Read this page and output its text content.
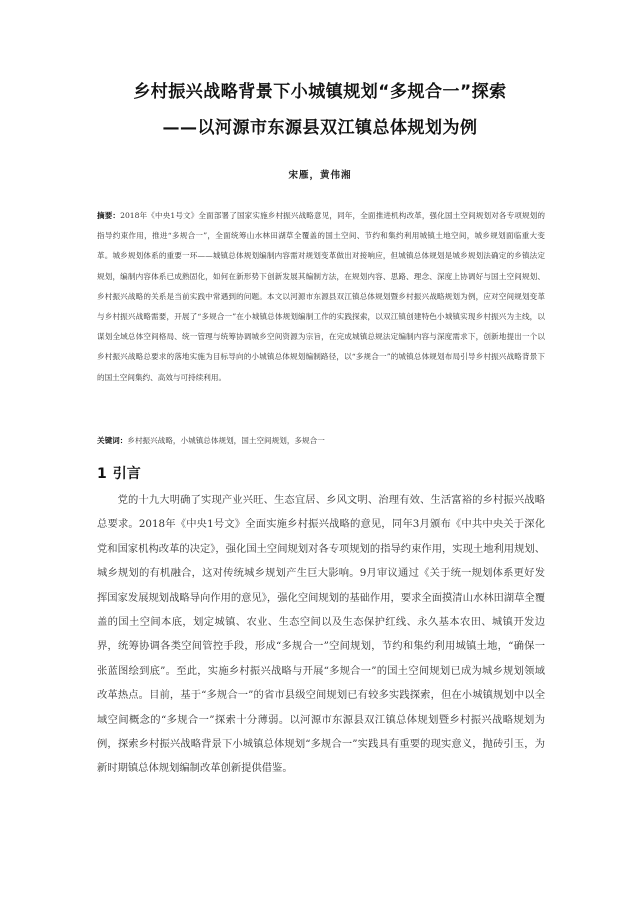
乡村振兴战略背景下小城镇规划“多规合一”探索
——以河源市东源县双江镇总体规划为例
宋雁，黄伟湘
摘要：2018年《中央1号文》全面部署了国家实施乡村振兴战略意见，同年，全面推进机构改革，强化国土空间规划对各专项规划的指导约束作用，推进“多规合一”，全面统筹山水林田湖草全覆盖的国土空间、节约和集约利用城镇土地空间，城乡规划面临重大变革。城乡规划体系的重要一环——城镇总体规划编制内容需对规划变革做出对接响应，但城镇总体规划是城乡规划法确定的乡镇法定规划，编制内容体系已成熟固化，如何在新形势下创新发展其编制方法，在规划内容、思路、理念、深度上协调好与国土空间规划、乡村振兴战略的关系是当前实践中常遇到的问题。本文以河源市东源县双江镇总体规划暨乡村振兴战略规划为例，应对空间规划变革与乡村振兴战略需要，开展了“多规合一”在小城镇总体规划编制工作的实践探索，以双江镇创建特色小城镇实现乡村振兴为主线，以谋划全域总体空间格局、统一管理与统筹协调城乡空间资源为宗旨，在完成城镇总规法定编制内容与深度需求下，创新地提出一个以乡村振兴战略总要求的落地实施为目标导向的小城镇总体规划编制路径，以“多规合一”的城镇总体规划布局引导乡村振兴战略背景下的国土空间集约、高效与可持续利用。
关键词：乡村振兴战略，小城镇总体规划，国土空间规划，多规合一
1 引言

党的十九大明确了实现产业兴旺、生态宜居、乡风文明、治理有效、生活富裕的乡村振兴战略总要求。2018年《中央1号文》全面实施乡村振兴战略的意见，同年3月颁布《中共中央关于深化党和国家机构改革的决定》，强化国土空间规划对各专项规划的指导约束作用，实现土地利用规划、城乡规划的有机融合，这对传统城乡规划产生巨大影响。9月审议通过《关于统一规划体系更好发挥国家发展规划战略导向作用的意见》，强化空间规划的基础作用，要求全面摸清山水林田湖草全覆盖的国土空间本底，划定城镇、农业、生态空间以及生态保护红线、永久基本农田、城镇开发边界，统筹协调各类空间管控手段，形成“多规合一”空间规划，节约和集约利用城镇土地，“确保一张蓝图绘到底”。至此，实施乡村振兴战略与开展“多规合一”的国土空间规划已成为城乡规划领域改革热点。目前，基于“多规合一”的省市县级空间规划已有较多实践探索，但在小城镇规划中以全域空间概念的“多规合一”探索十分薄弱。以河源市东源县双江镇总体规划暨乡村振兴战略规划为例，探索乡村振兴战略背景下小城镇总体规划“多规合一”实践具有重要的现实意义，抛砖引玉，为新时期镇总体规划编制改革创新提供借鉴。
